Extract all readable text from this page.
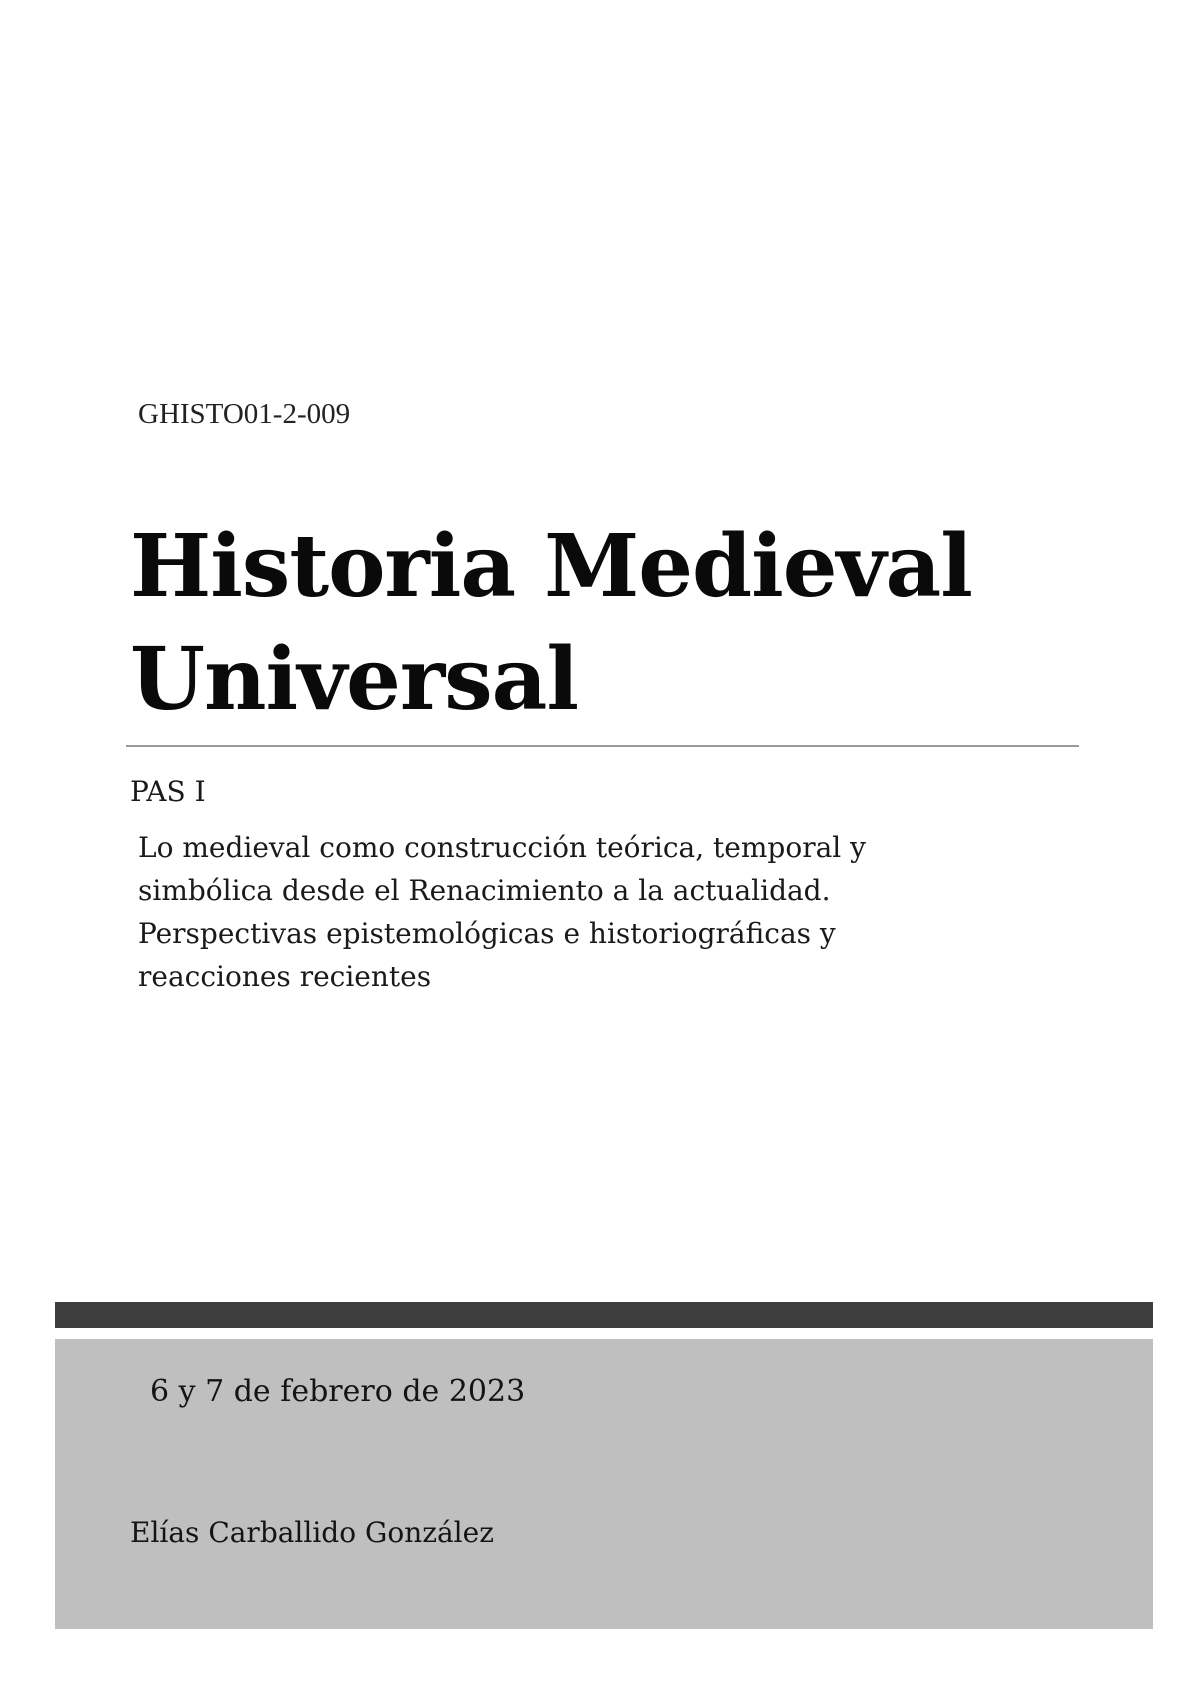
GHISTO01-2-009
Historia Medieval
Universal
PAS I
Lo medieval como construcción teórica, temporal y
simbólica desde el Renacimiento a la actualidad.
Perspectivas epistemológicas e historiográficas y
reacciones recientes
6 y 7 de febrero de 2023
Elías Carballido González
